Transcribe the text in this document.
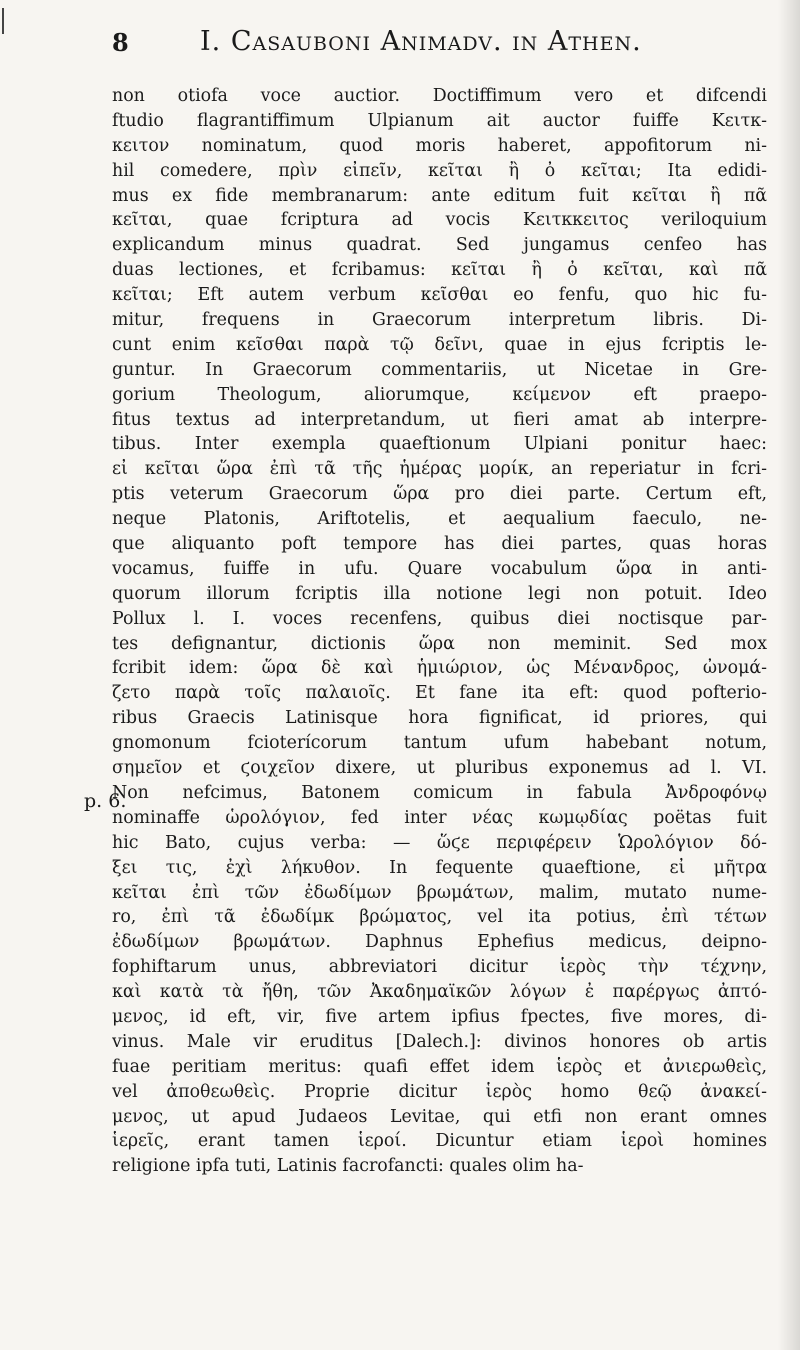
8	I. Casauboni Animadv. in Athen.
p. 6.
non otiofa voce auctior. Doctiffimum vero et difcendi
ftudio flagrantiffimum Ulpianum ait auctor fuiffe Κειτκ-
κειτον nominatum, quod moris haberet, appofitorum ni-
hil comedere, πρὶν εἰπεῖν, κεῖται ἢ ὀ κεῖται; Ita edidi-
mus ex fide membranarum: ante editum fuit κεῖται ἢ πᾶ
κεῖται, quae fcriptura ad vocis Κειτκκειτος veriloquium
explicandum minus quadrat. Sed jungamus cenfeo has
duas lectiones, et fcribamus: κεῖται ἢ ὀ κεῖται, καὶ πᾶ
κεῖται; Eft autem verbum κεῖσθαι eo fenfu, quo hic fu-
mitur, frequens in Graecorum interpretum libris. Di-
cunt enim κεῖσθαι παρὰ τῷ δεῖνι, quae in ejus fcriptis le-
guntur. In Graecorum commentariis, ut Nicetae in Gre-
gorium Theologum, aliorumque, κείμενον eft praepo-
fitus textus ad interpretandum, ut fieri amat ab interpre-
tibus. Inter exempla quaeftionum Ulpiani ponitur haec:
εἰ κεῖται ὥρα ἐπὶ τᾶ τῆς ἡμέρας μορίκ, an reperiatur in fcri-
ptis veterum Graecorum ὥρα pro diei parte. Certum eft,
neque Platonis, Ariftotelis, et aequalium faeculo, ne-
que aliquanto poft tempore has diei partes, quas horas
vocamus, fuiffe in ufu. Quare vocabulum ὥρα in anti-
quorum illorum fcriptis illa notione legi non potuit. Ideo
Pollux l. I. voces recenfens, quibus diei noctisque par-
tes defignantur, dictionis ὥρα non meminit. Sed mox
fcribit idem: ὥρα δὲ καὶ ἡμιώριον, ὡς Μένανδρος, ὠνομά-
ζετο παρὰ τοῖς παλαιοῖς. Et fane ita eft: quod pofterio-
ribus Graecis Latinisque hora fignificat, id priores, qui
gnomonum fcioterícorum tantum ufum habebant notum,
σημεῖον et ϛοιχεῖον dixere, ut pluribus exponemus ad l. VI.
Non nefcimus, Batonem comicum in fabula Ἀνδροφόνῳ
nominaffe ὡρολόγιον, fed inter νέας κωμῳδίας poëtas fuit
hic Bato, cujus verba: — ὥϛε περιφέρειν Ὡρολόγιον δό-
ξει τις, ἐχὶ λήκυθον. In fequente quaeftione, εἰ μῆτρα
κεῖται ἐπὶ τῶν ἐδωδίμων βρωμάτων, malim, mutato nume-
ro, ἐπὶ τᾶ ἐδωδίμκ βρώματος, vel ita potius, ἐπὶ τέτων
ἐδωδίμων βρωμάτων. Daphnus Ephefius medicus, deipno-
fophiftarum unus, abbreviatori dicitur ἱερὸς τὴν τέχνην,
καὶ κατὰ τὰ ἤθη, τῶν Ἀκαδημαϊκῶν λόγων ἐ παρέργως ἀπτό-
μενος, id eft, vir, five artem ipfius fpectes, five mores, di-
vinus. Male vir eruditus [Dalech.]: divinos honores ob artis
fuae peritiam meritus: quafi effet idem ἱερὸς et ἀνιερωθεὶς,
vel ἀποθεωθεὶς. Proprie dicitur ἱερὸς homo θεῷ ἀνακεί-
μενος, ut apud Judaeos Levitae, qui etfi non erant omnes
ἱερεῖς, erant tamen ἱεροί. Dicuntur etiam ἱεροὶ homines
religione ipfa tuti, Latinis facrofancti: quales olim ha-
